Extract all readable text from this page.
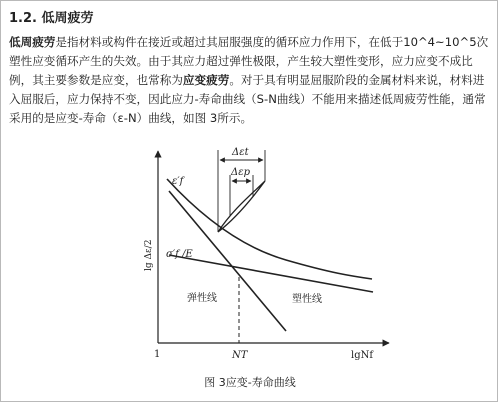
1.2. 低周疲劳
低周疲劳是指材料或构件在接近或超过其屈服强度的循环应力作用下，在低于10^4~10^5次塑性应变循环产生的失效。由于其应力超过弹性极限，产生较大塑性变形，应力应变不成比例，其主要参数是应变，也常称为应变疲劳。对于具有明显屈服阶段的金属材料来说，材料进入屈服后，应力保持不变，因此应力-寿命曲线（S-N曲线）不能用来描述低周疲劳性能，通常采用的是应变-寿命（ε-N）曲线，如图 3所示。
Δεt
Δεp
ε′f
σ′f /E
lg Δε/2
1	NT	lgNf
弹性线	塑性线
图 3应变-寿命曲线
